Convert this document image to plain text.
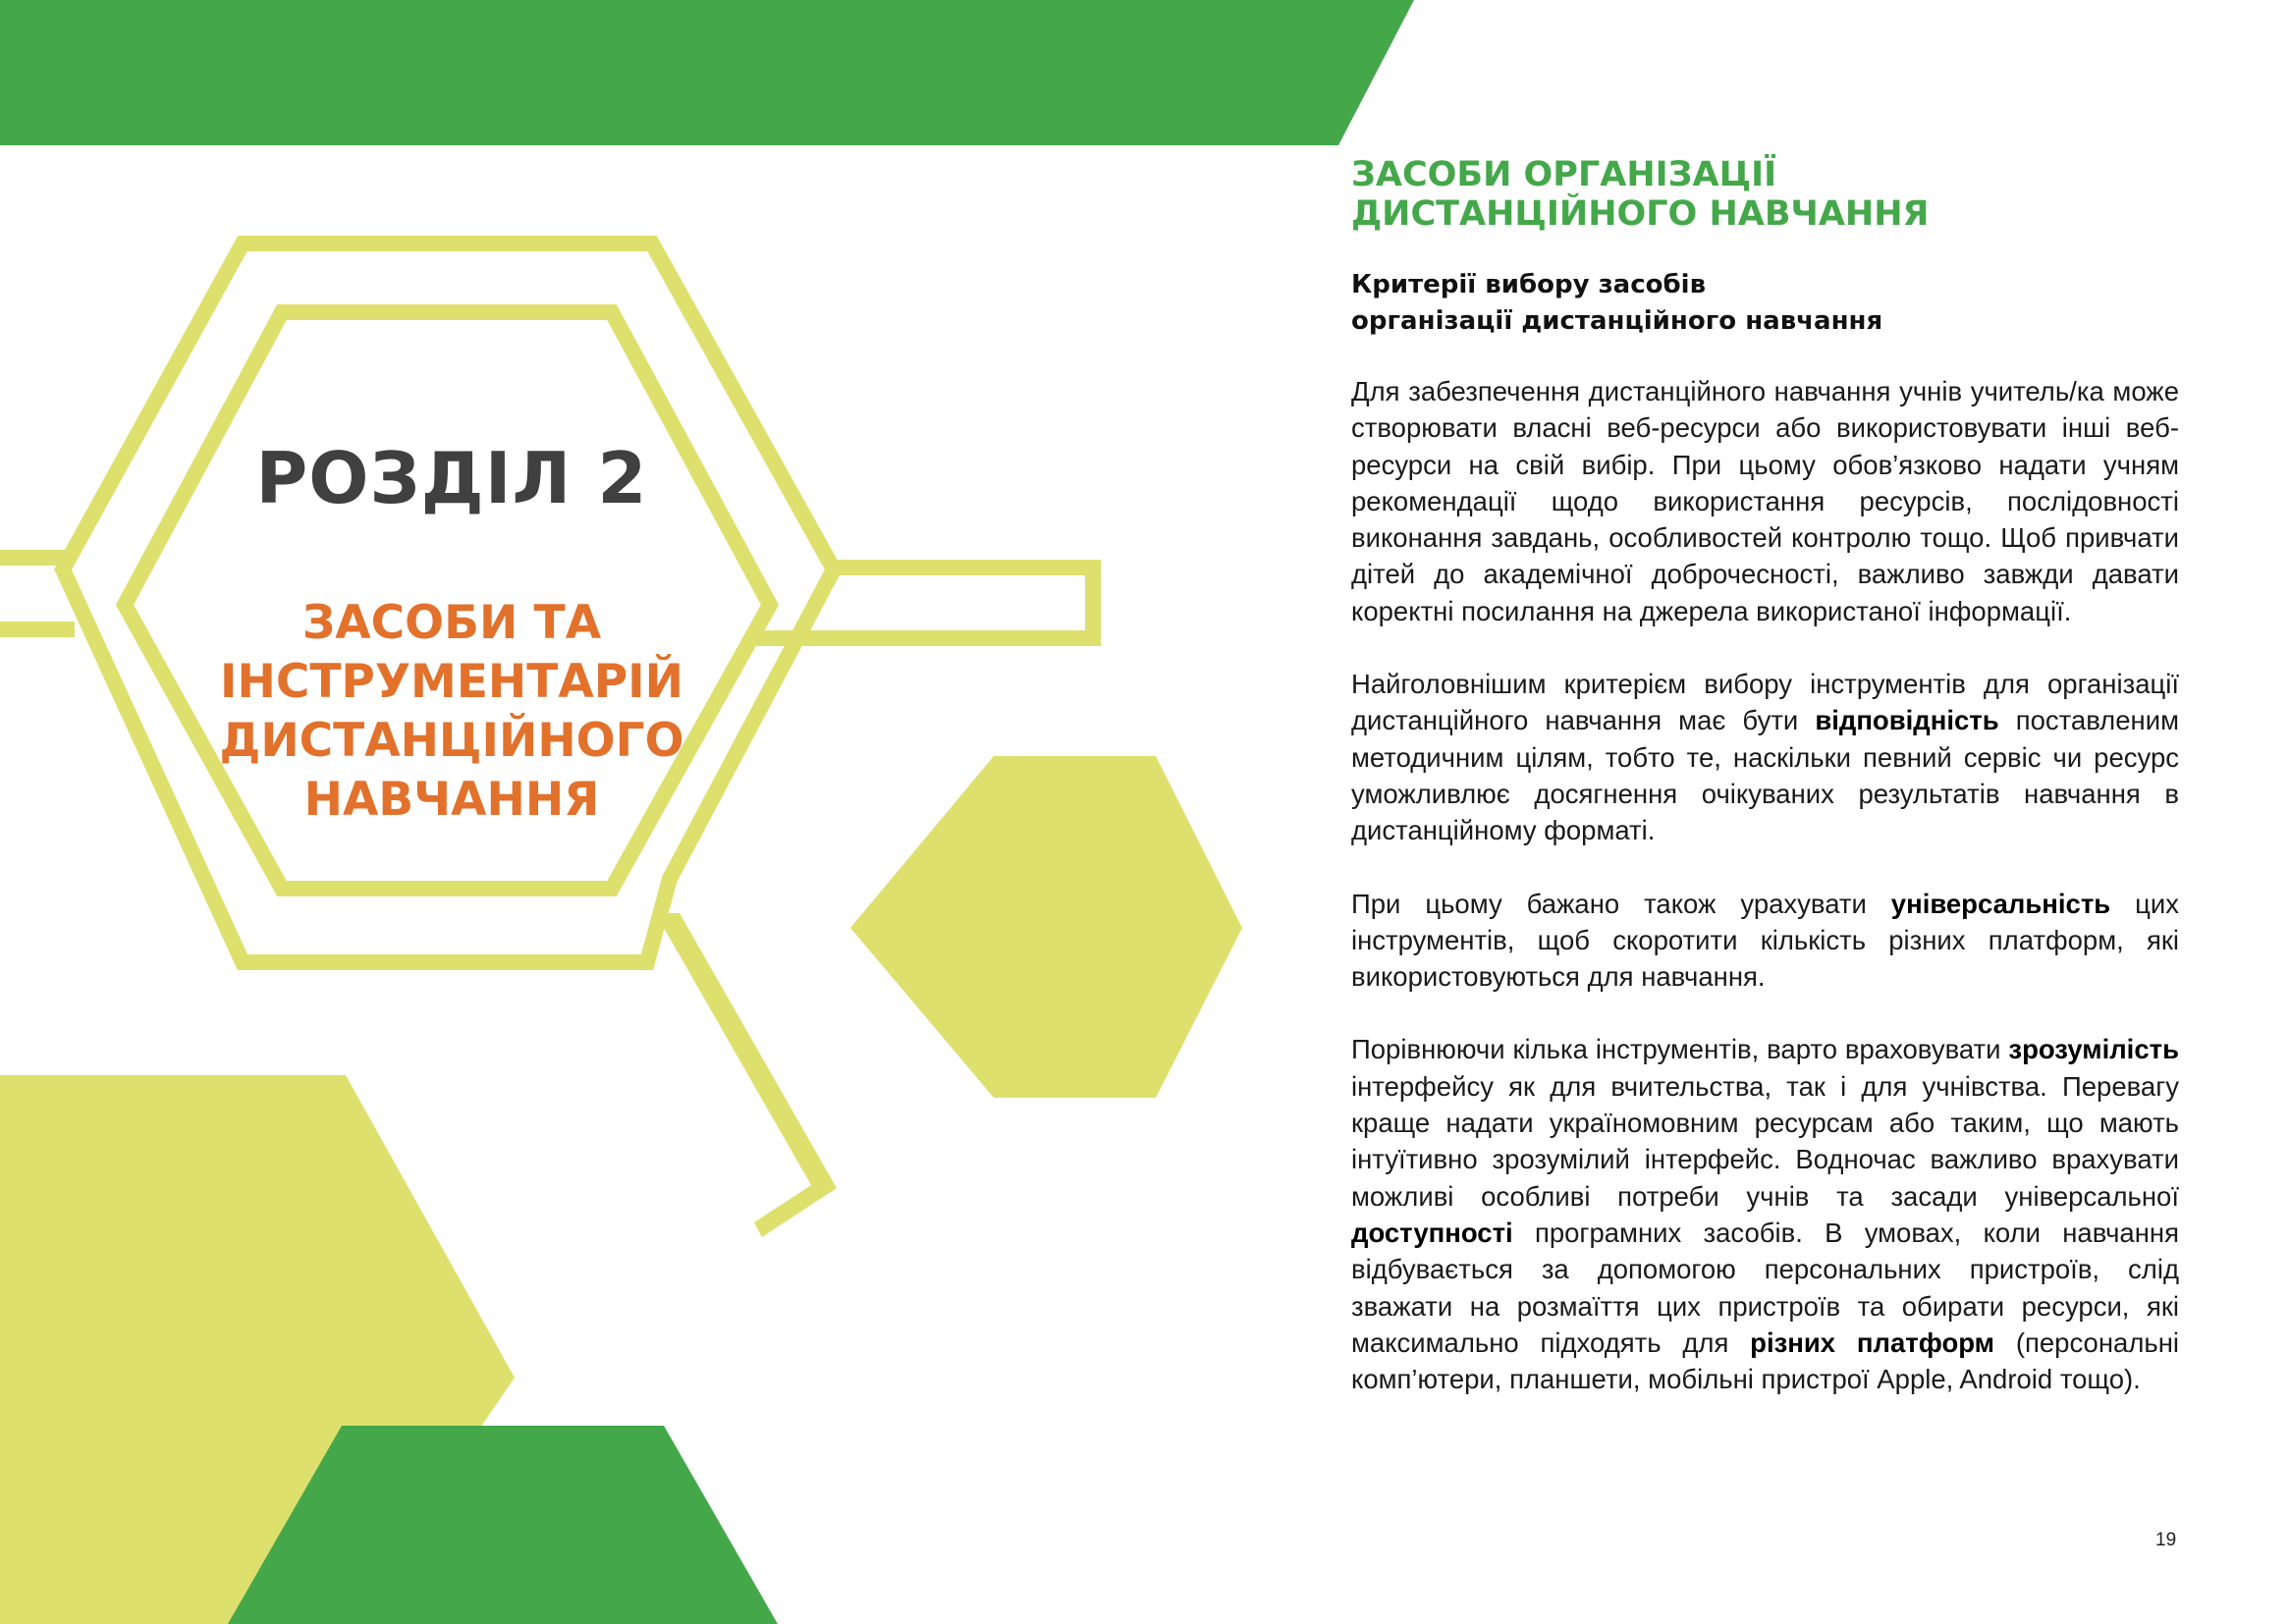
РОЗДІЛ 2
ЗАСОБИ ТА
ІНСТРУМЕНТАРІЙ
ДИСТАНЦІЙНОГО
НАВЧАННЯ
ЗАСОБИ ОРГАНІЗАЦІЇ
ДИСТАНЦІЙНОГО НАВЧАННЯ
Критерії вибору засобів
організації дистанційного навчання

Для забезпечення дистанційного навчання учнів учитель/ка може створювати власні веб-ресурси або використовувати інші веб-ресурси на свій вибір. При цьому обов’язково надати учням рекомендації щодо використання ресурсів, послідовності виконання завдань, особливостей контролю тощо. Щоб привчати дітей до академічної доброчесності, важливо завжди давати коректні посилання на джерела використаної інформації.

Найголовнішим критерієм вибору інструментів для організації дистанційного навчання має бути відповідність поставленим методичним цілям, тобто те, наскільки певний сервіс чи ресурс уможливлює досягнення очікуваних результатів навчання в дистанційному форматі.

При цьому бажано також урахувати універсальність цих інструментів, щоб скоротити кількість різних платформ, які використовуються для навчання.

Порівнюючи кілька інструментів, варто враховувати зрозумілість інтерфейсу як для вчительства, так і для учнівства. Перевагу краще надати україномовним ресурсам або таким, що мають інтуїтивно зрозумілий інтерфейс. Водночас важливо врахувати можливі особливі потреби учнів та засади універсальної доступності програмних засобів. В умовах, коли навчання відбувається за допомогою персональних пристроїв, слід зважати на розмаїття цих пристроїв та обирати ресурси, які максимально підходять для різних платформ (персональні комп’ютери, планшети, мобільні пристрої Apple, Android тощо).

19
